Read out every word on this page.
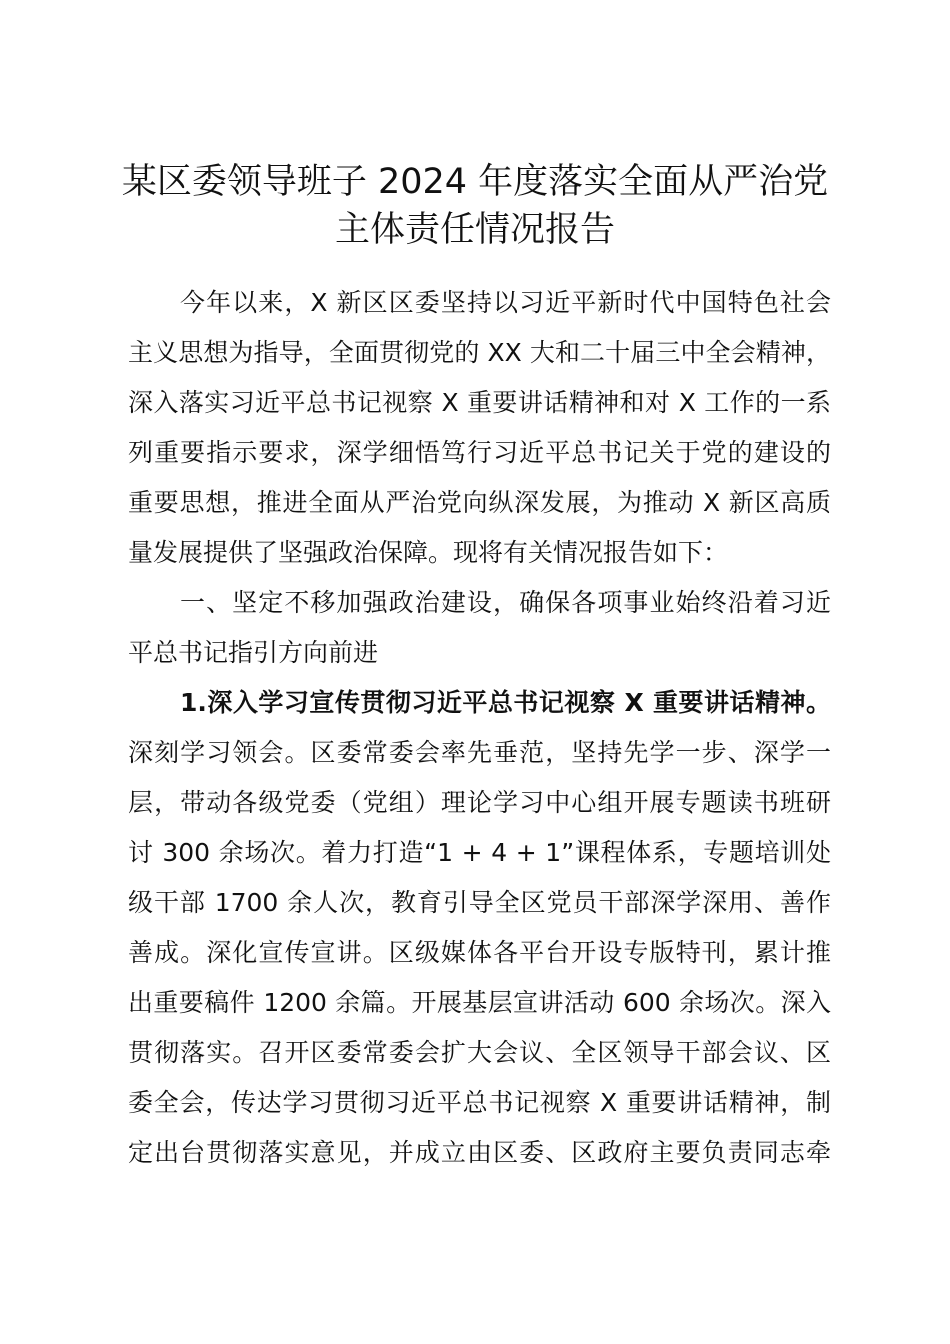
某区委领导班子 2024 年度落实全面从严治党
主体责任情况报告
今年以来，X 新区区委坚持以习近平新时代中国特色社会
主义思想为指导，全面贯彻党的 XX 大和二十届三中全会精神，
深入落实习近平总书记视察 X 重要讲话精神和对 X 工作的一系
列重要指示要求，深学细悟笃行习近平总书记关于党的建设的
重要思想，推进全面从严治党向纵深发展，为推动 X 新区高质
量发展提供了坚强政治保障。现将有关情况报告如下：
一、坚定不移加强政治建设，确保各项事业始终沿着习近
平总书记指引方向前进
1.深入学习宣传贯彻习近平总书记视察 X 重要讲话精神。
深刻学习领会。区委常委会率先垂范，坚持先学一步、深学一
层，带动各级党委（党组）理论学习中心组开展专题读书班研
讨 300 余场次。着力打造“1 + 4 + 1”课程体系，专题培训处
级干部 1700 余人次，教育引导全区党员干部深学深用、善作
善成。深化宣传宣讲。区级媒体各平台开设专版特刊，累计推
出重要稿件 1200 余篇。开展基层宣讲活动 600 余场次。深入
贯彻落实。召开区委常委会扩大会议、全区领导干部会议、区
委全会，传达学习贯彻习近平总书记视察 X 重要讲话精神，制
定出台贯彻落实意见，并成立由区委、区政府主要负责同志牵
